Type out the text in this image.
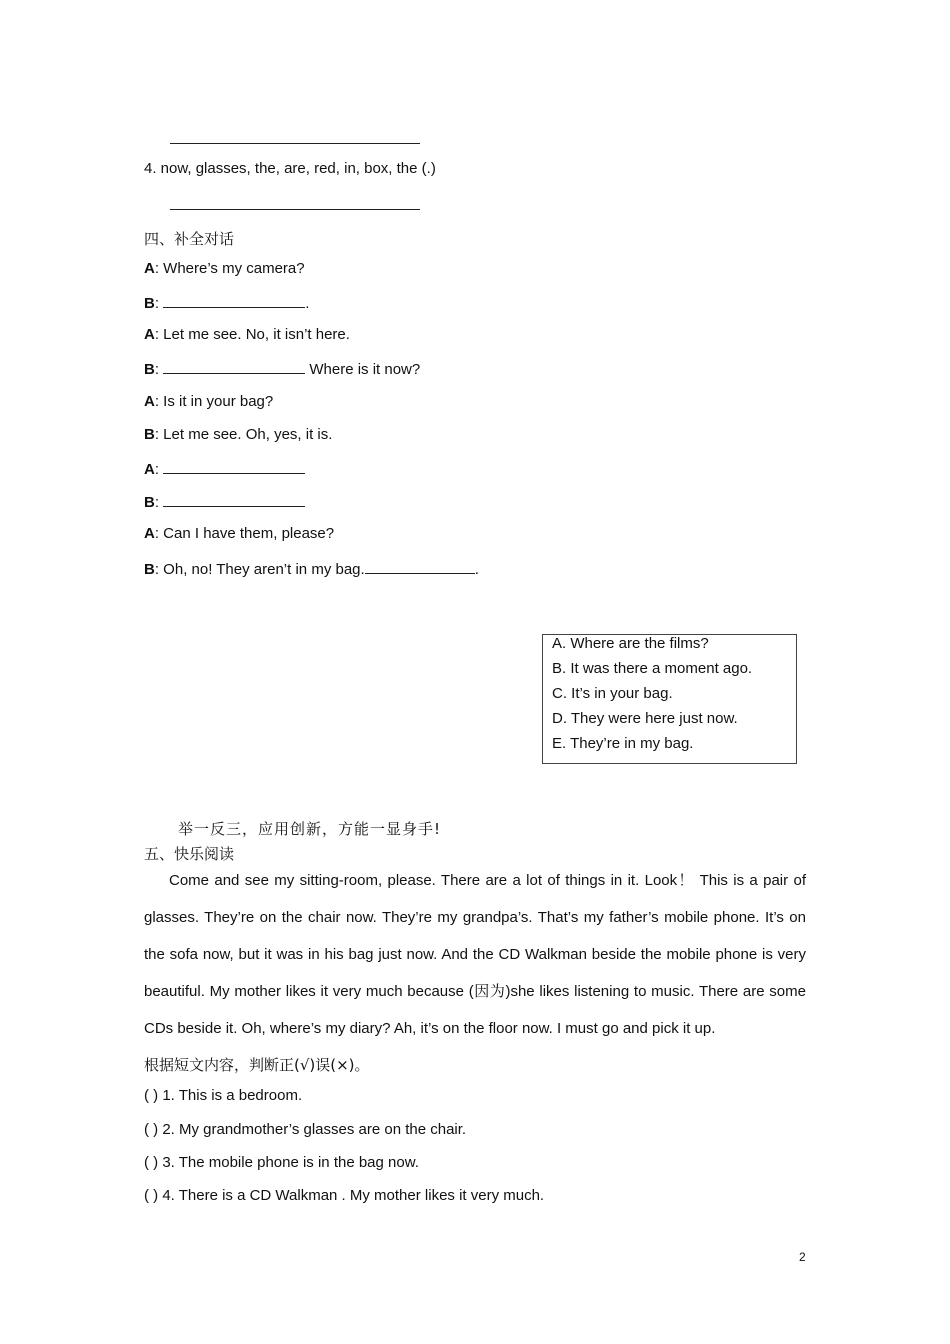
4. now, glasses, the, are, red, in, box, the (.)
四、补全对话
A: Where’s my camera?
B:	.
A: Let me see. No, it isn’t here.
B:	Where is it now?
A: Is it in your bag?
B: Let me see. Oh, yes, it is.
A:
B:
A: Can I have them, please?
B: Oh, no! They aren’t in my bag.	.
A. Where are the films?
B. It was there a moment ago.
C. It’s in your bag.
D. They were here just now.
E. They’re in my bag.
举一反三，应用创新，方能一显身手!
五、快乐阅读
Come and see my sitting-room, please. There are a lot of things in it. Look！ This is a pair of glasses. They’re on the chair now. They’re my grandpa’s. That’s my father’s mobile phone. It’s on the sofa now, but it was in his bag just now. And the CD Walkman beside the mobile phone is very beautiful. My mother likes it very much because (因为)she likes listening to music. There are some CDs beside it. Oh, where’s my diary? Ah, it’s on the floor now. I must go and pick it up.
根据短文内容，判断正(√)误(×)。
( ) 1. This is a bedroom.
( ) 2. My grandmother’s glasses are on the chair.
( ) 3. The mobile phone is in the bag now.
( ) 4. There is a CD Walkman . My mother likes it very much.
2
